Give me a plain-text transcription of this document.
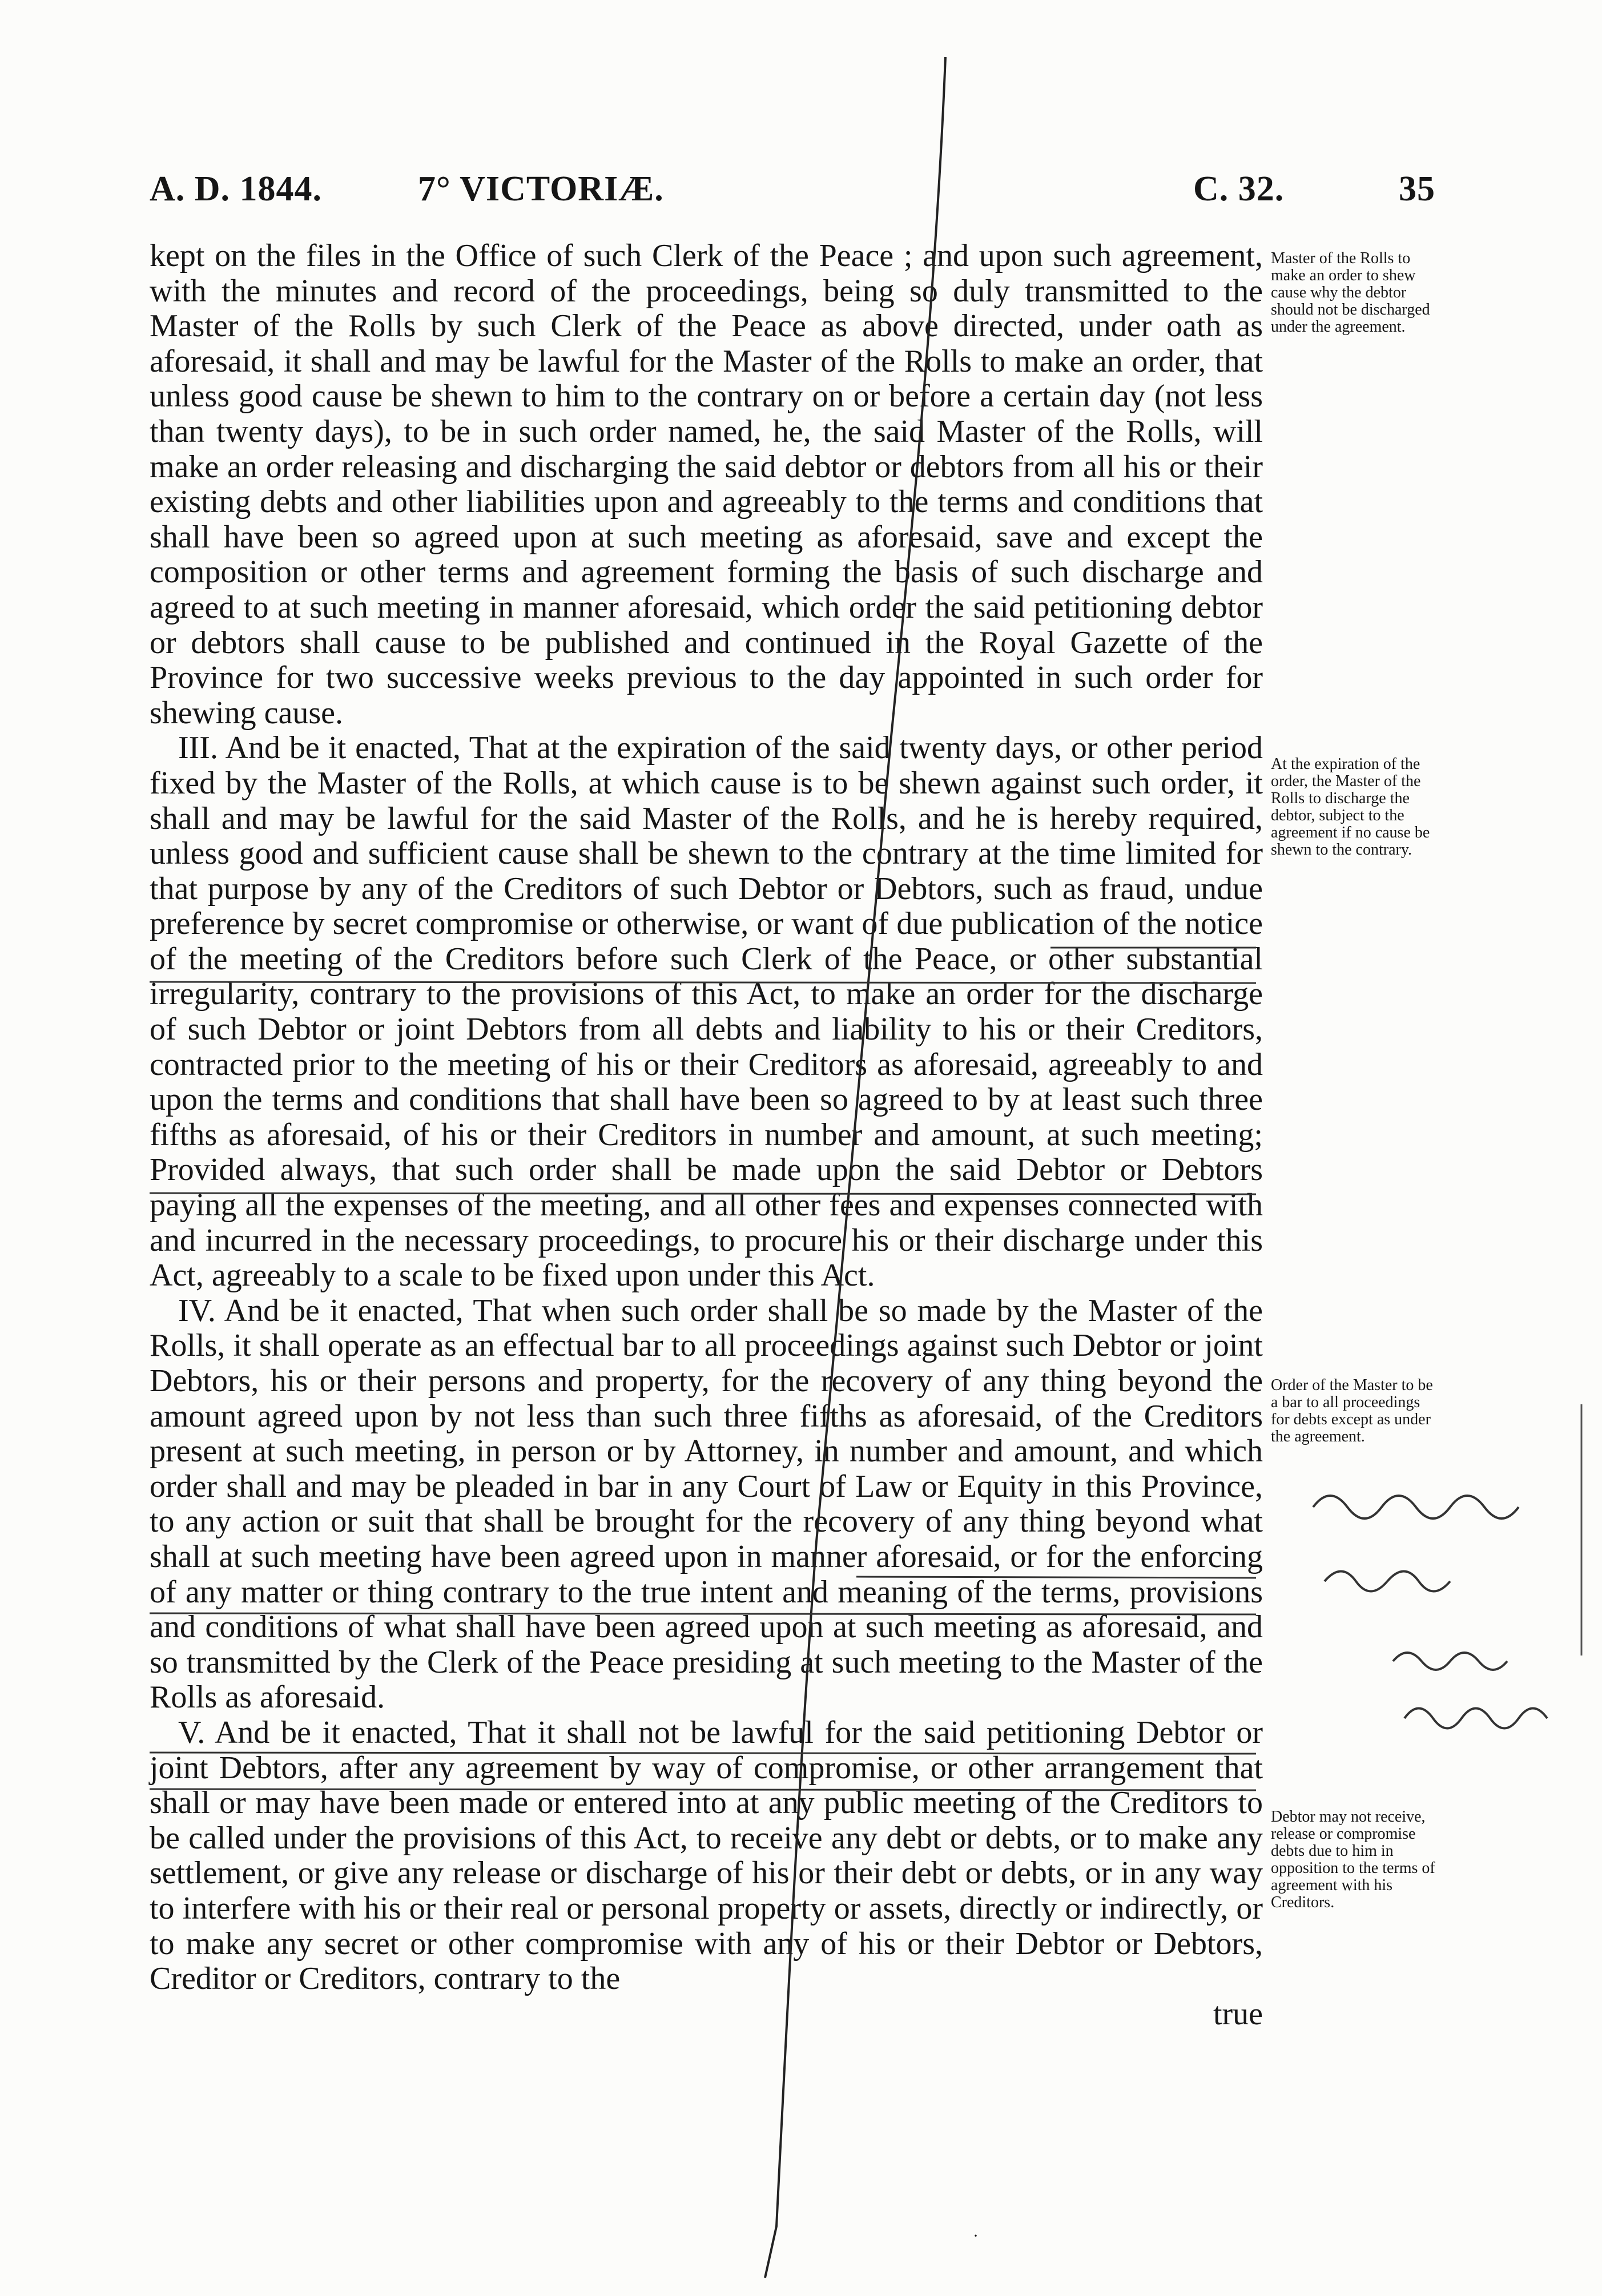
A. D. 1844.	7° VICTORIÆ.	C. 32.	35

kept on the files in the Office of such Clerk of the Peace ; and upon such agreement, with the minutes and record of the proceedings, being so duly transmitted to the Master of the Rolls by such Clerk of the Peace as above directed, under oath as aforesaid, it shall and may be lawful for the Master of the Rolls to make an order, that unless good cause be shewn to him to the contrary on or before a certain day (not less than twenty days), to be in such order named, he, the said Master of the Rolls, will make an order releasing and discharging the said debtor or debtors from all his or their existing debts and other liabilities upon and agreeably to the terms and conditions that shall have been so agreed upon at such meeting as aforesaid, save and except the composition or other terms and agreement forming the basis of such discharge and agreed to at such meeting in manner aforesaid, which order the said petitioning debtor or debtors shall cause to be published and continued in the Royal Gazette of the Province for two successive weeks previous to the day appointed in such order for shewing cause.

III. And be it enacted, That at the expiration of the said twenty days, or other period fixed by the Master of the Rolls, at which cause is to be shewn against such order, it shall and may be lawful for the said Master of the Rolls, and he is hereby required, unless good and sufficient cause shall be shewn to the contrary at the time limited for that purpose by any of the Creditors of such Debtor or Debtors, such as fraud, undue preference by secret compromise or otherwise, or want of due publication of the notice of the meeting of the Creditors before such Clerk of the Peace, or other substantial irregularity, contrary to the provisions of this Act, to make an order for the discharge of such Debtor or joint Debtors from all debts and liability to his or their Creditors, contracted prior to the meeting of his or their Creditors as aforesaid, agreeably to and upon the terms and conditions that shall have been so agreed to by at least such three fifths as aforesaid, of his or their Creditors in number and amount, at such meeting; Provided always, that such order shall be made upon the said Debtor or Debtors paying all the expenses of the meeting, and all other fees and expenses connected with and incurred in the necessary proceedings, to procure his or their discharge under this Act, agreeably to a scale to be fixed upon under this Act.

IV. And be it enacted, That when such order shall be so made by the Master of the Rolls, it shall operate as an effectual bar to all proceedings against such Debtor or joint Debtors, his or their persons and property, for the recovery of any thing beyond the amount agreed upon by not less than such three fifths as aforesaid, of the Creditors present at such meeting, in person or by Attorney, in number and amount, and which order shall and may be pleaded in bar in any Court of Law or Equity in this Province, to any action or suit that shall be brought for the recovery of any thing beyond what shall at such meeting have been agreed upon in manner aforesaid, or for the enforcing of any matter or thing contrary to the true intent and meaning of the terms, provisions and conditions of what shall have been agreed upon at such meeting as aforesaid, and so transmitted by the Clerk of the Peace presiding at such meeting to the Master of the Rolls as aforesaid.

V. And be it enacted, That it shall not be lawful for the said petitioning Debtor or joint Debtors, after any agreement by way of compromise, or other arrangement that shall or may have been made or entered into at any public meeting of the Creditors to be called under the provisions of this Act, to receive any debt or debts, or to make any settlement, or give any release or discharge of his or their debt or debts, or in any way to interfere with his or their real or personal property or assets, directly or indirectly, or to make any secret or other compromise with any of his or their Debtor or Debtors, Creditor or Creditors, contrary to the

true

Master of the Rolls to make an order to shew cause why the debtor should not be discharged under the agreement.
At the expiration of the order, the Master of the Rolls to discharge the debtor, subject to the agreement if no cause be shewn to the contrary.
Order of the Master to be a bar to all proceedings for debts except as under the agreement.
Debtor may not receive, release or compromise debts due to him in opposition to the terms of agreement with his Creditors.
·
